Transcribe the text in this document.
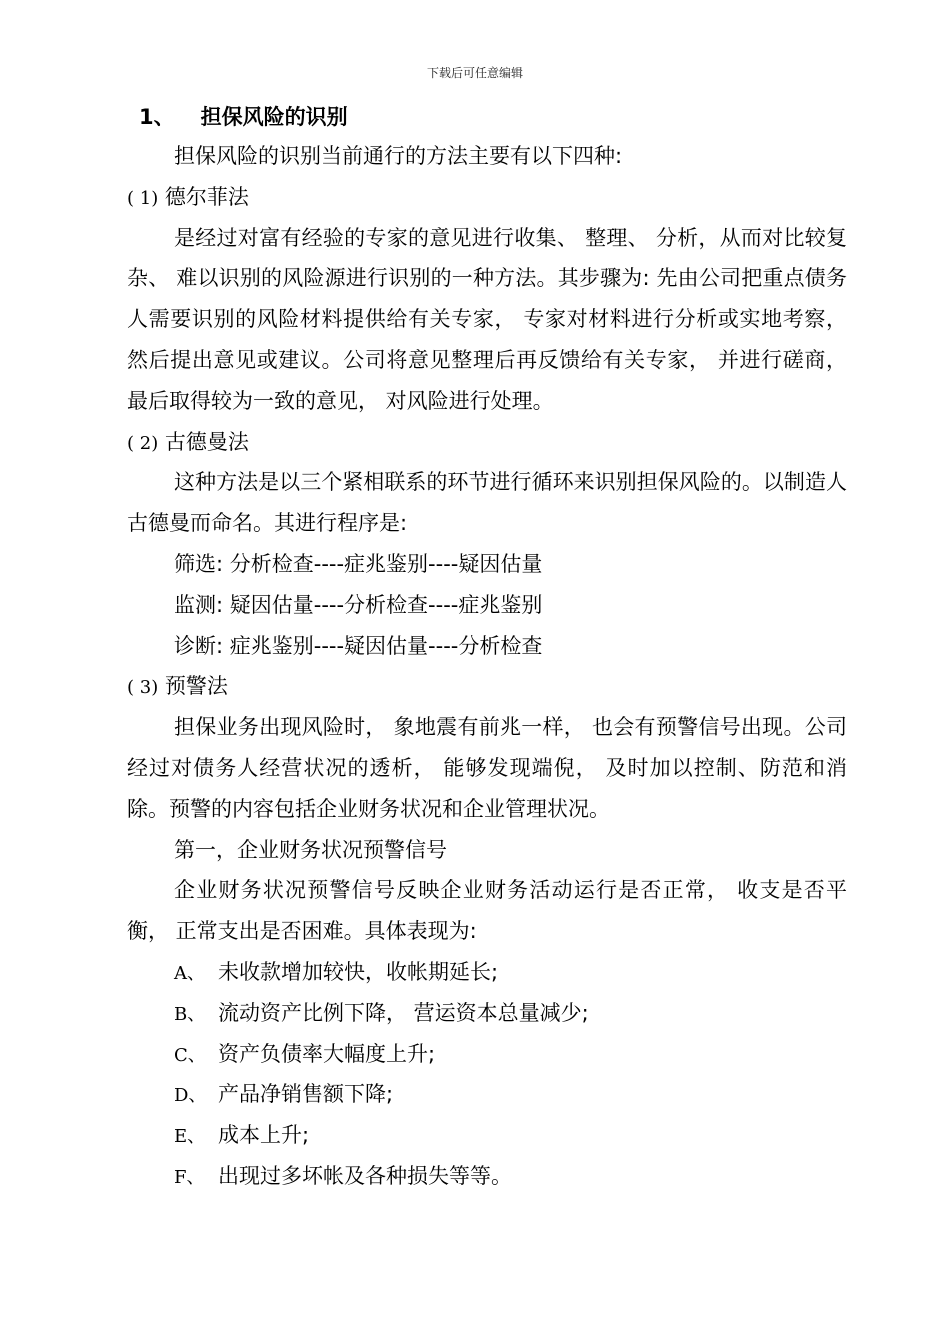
下载后可任意编辑
1、 担保风险的识别
担保风险的识别当前通行的方法主要有以下四种:
( 1) 德尔菲法
是经过对富有经验的专家的意见进行收集、 整理、 分析，从而对比较复杂、 难以识别的风险源进行识别的一种方法。其步骤为: 先由公司把重点债务人需要识别的风险材料提供给有关专家， 专家对材料进行分析或实地考察，然后提出意见或建议。公司将意见整理后再反馈给有关专家， 并进行磋商， 最后取得较为一致的意见， 对风险进行处理。
( 2) 古德曼法
这种方法是以三个紧相联系的环节进行循环来识别担保风险的。以制造人古德曼而命名。其进行程序是:
筛选: 分析检查----症兆鉴别----疑因估量
监测: 疑因估量----分析检查----症兆鉴别
诊断: 症兆鉴别----疑因估量----分析检查
( 3) 预警法
担保业务出现风险时， 象地震有前兆一样， 也会有预警信号出现。公司经过对债务人经营状况的透析， 能够发现端倪， 及时加以控制、防范和消除。预警的内容包括企业财务状况和企业管理状况。
第一，企业财务状况预警信号
企业财务状况预警信号反映企业财务活动运行是否正常， 收支是否平衡， 正常支出是否困难。具体表现为:
A、 未收款增加较快，收帐期延长;
B、 流动资产比例下降， 营运资本总量减少;
C、 资产负债率大幅度上升;
D、 产品净销售额下降;
E、 成本上升;
F、 出现过多坏帐及各种损失等等。
